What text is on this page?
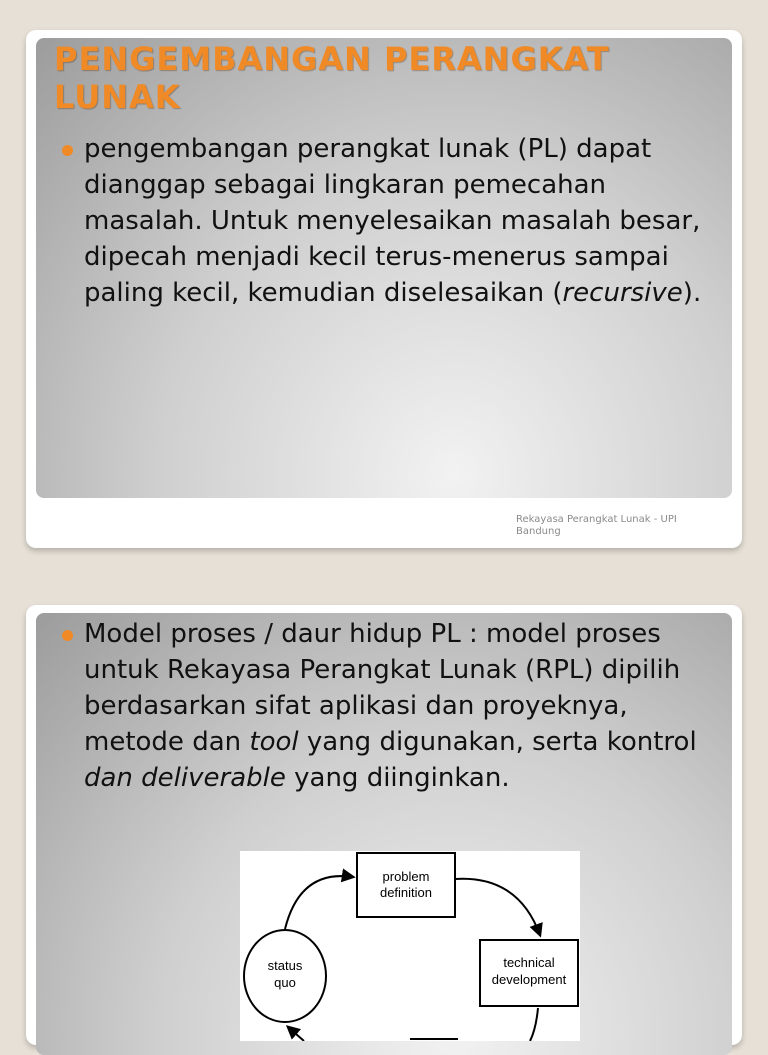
PENGEMBANGAN PERANGKAT LUNAK

pengembangan perangkat lunak (PL) dapat dianggap sebagai lingkaran pemecahan masalah. Untuk menyelesaikan masalah besar, dipecah menjadi kecil terus-menerus sampai paling kecil, kemudian diselesaikan (recursive).

Rekayasa Perangkat Lunak - UPI Bandung

Model proses / daur hidup PL : model proses untuk Rekayasa Perangkat Lunak (RPL) dipilih berdasarkan sifat aplikasi dan proyeknya, metode dan tool yang digunakan, serta kontrol dan deliverable yang diinginkan.

problem
definition
technical
development
status
quo
